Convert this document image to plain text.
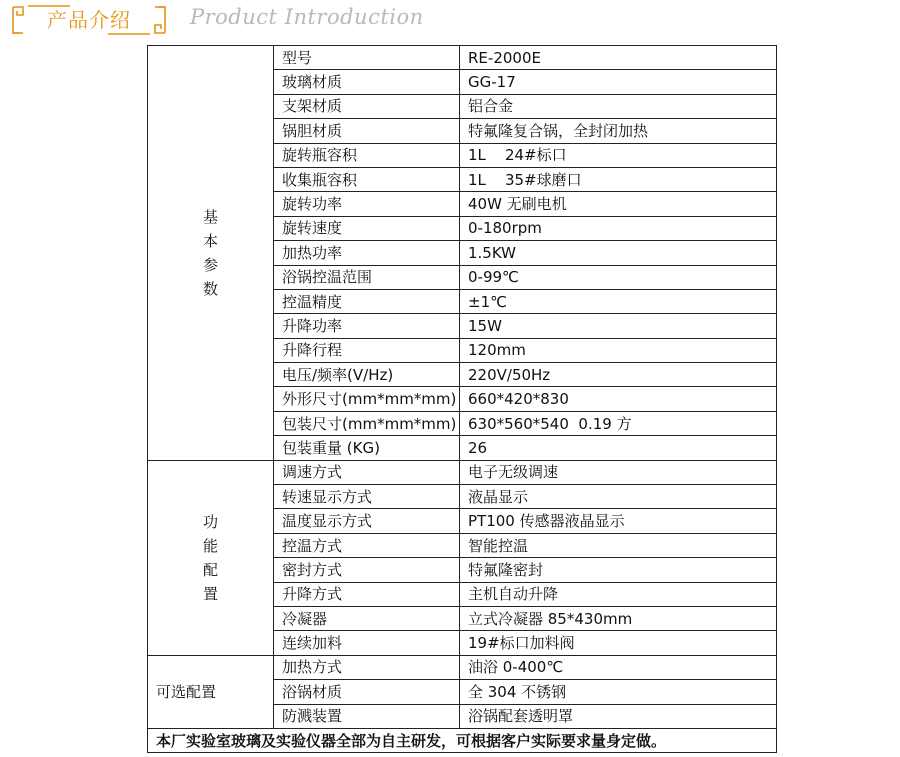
产品介绍	Product Introduction
基本参数	型号	RE-2000E
	玻璃材质	GG-17
	支架材质	铝合金
	锅胆材质	特氟隆复合锅，全封闭加热
	旋转瓶容积	1L    24#标口
	收集瓶容积	1L    35#球磨口
	旋转功率	40W 无刷电机
	旋转速度	0-180rpm
	加热功率	1.5KW
	浴锅控温范围	0-99℃
	控温精度	±1℃
	升降功率	15W
	升降行程	120mm
	电压/频率(V/Hz)	220V/50Hz
	外形尺寸(mm*mm*mm)	660*420*830
	包装尺寸(mm*mm*mm)	630*560*540  0.19 方
	包装重量 (KG)	26

功能配置	调速方式	电子无级调速
	转速显示方式	液晶显示
	温度显示方式	PT100 传感器液晶显示
	控温方式	智能控温
	密封方式	特氟隆密封
	升降方式	主机自动升降
	冷凝器	立式冷凝器 85*430mm
	连续加料	19#标口加料阀
可选配置	加热方式	油浴 0-400℃
	浴锅材质	全 304 不锈钢
	防溅装置	浴锅配套透明罩
本厂实验室玻璃及实验仪器全部为自主研发，可根据客户实际要求量身定做。		
